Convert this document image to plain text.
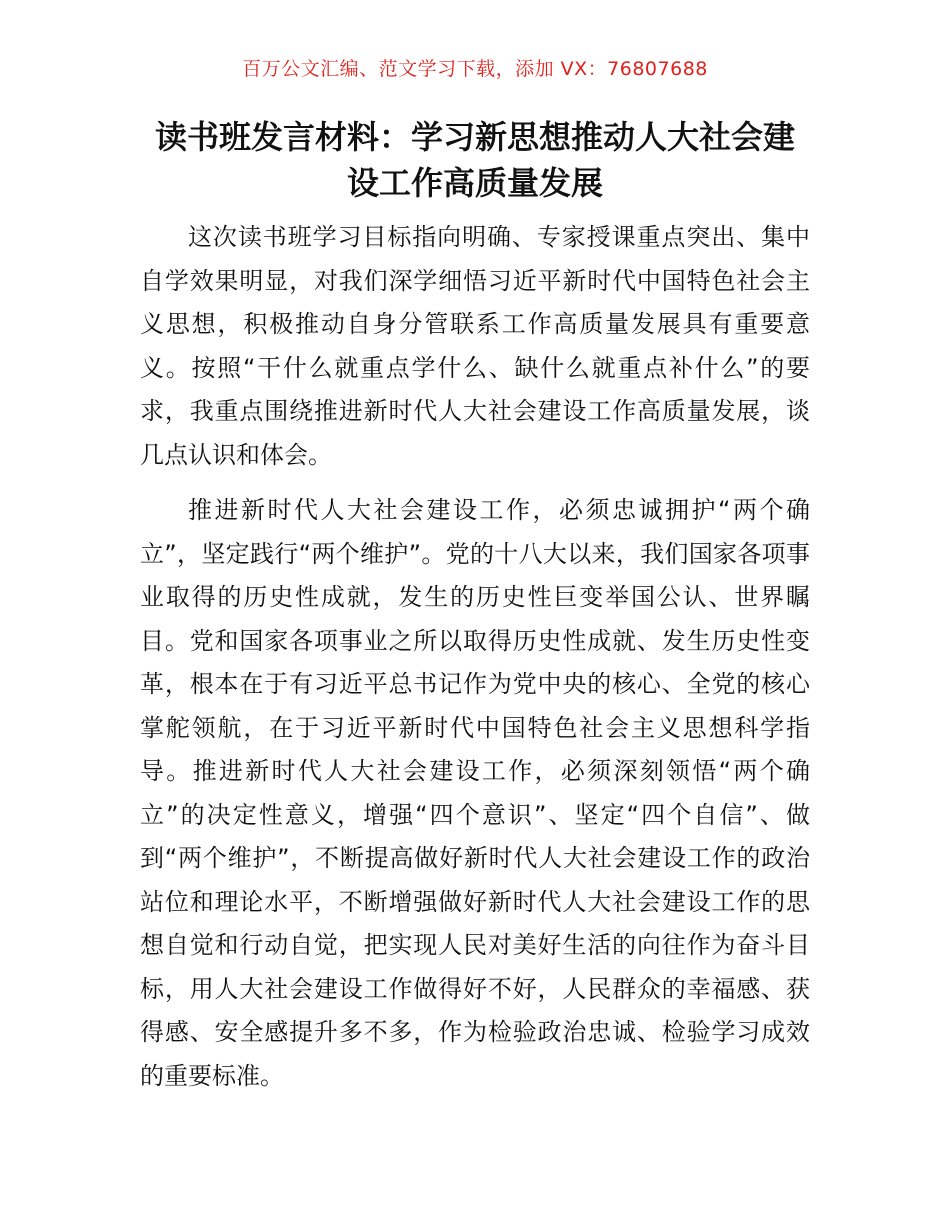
百万公文汇编、范文学习下载，添加 VX：76807688
读书班发言材料：学习新思想推动人大社会建设工作高质量发展

这次读书班学习目标指向明确、专家授课重点突出、集中自学效果明显，对我们深学细悟习近平新时代中国特色社会主义思想，积极推动自身分管联系工作高质量发展具有重要意义。按照“干什么就重点学什么、缺什么就重点补什么”的要求，我重点围绕推进新时代人大社会建设工作高质量发展，谈几点认识和体会。

推进新时代人大社会建设工作，必须忠诚拥护“两个确立”，坚定践行“两个维护”。党的十八大以来，我们国家各项事业取得的历史性成就，发生的历史性巨变举国公认、世界瞩目。党和国家各项事业之所以取得历史性成就、发生历史性变革，根本在于有习近平总书记作为党中央的核心、全党的核心掌舵领航，在于习近平新时代中国特色社会主义思想科学指导。推进新时代人大社会建设工作，必须深刻领悟“两个确立”的决定性意义，增强“四个意识”、坚定“四个自信”、做到“两个维护”，不断提高做好新时代人大社会建设工作的政治站位和理论水平，不断增强做好新时代人大社会建设工作的思想自觉和行动自觉，把实现人民对美好生活的向往作为奋斗目标，用人大社会建设工作做得好不好，人民群众的幸福感、获得感、安全感提升多不多，作为检验政治忠诚、检验学习成效的重要标准。
